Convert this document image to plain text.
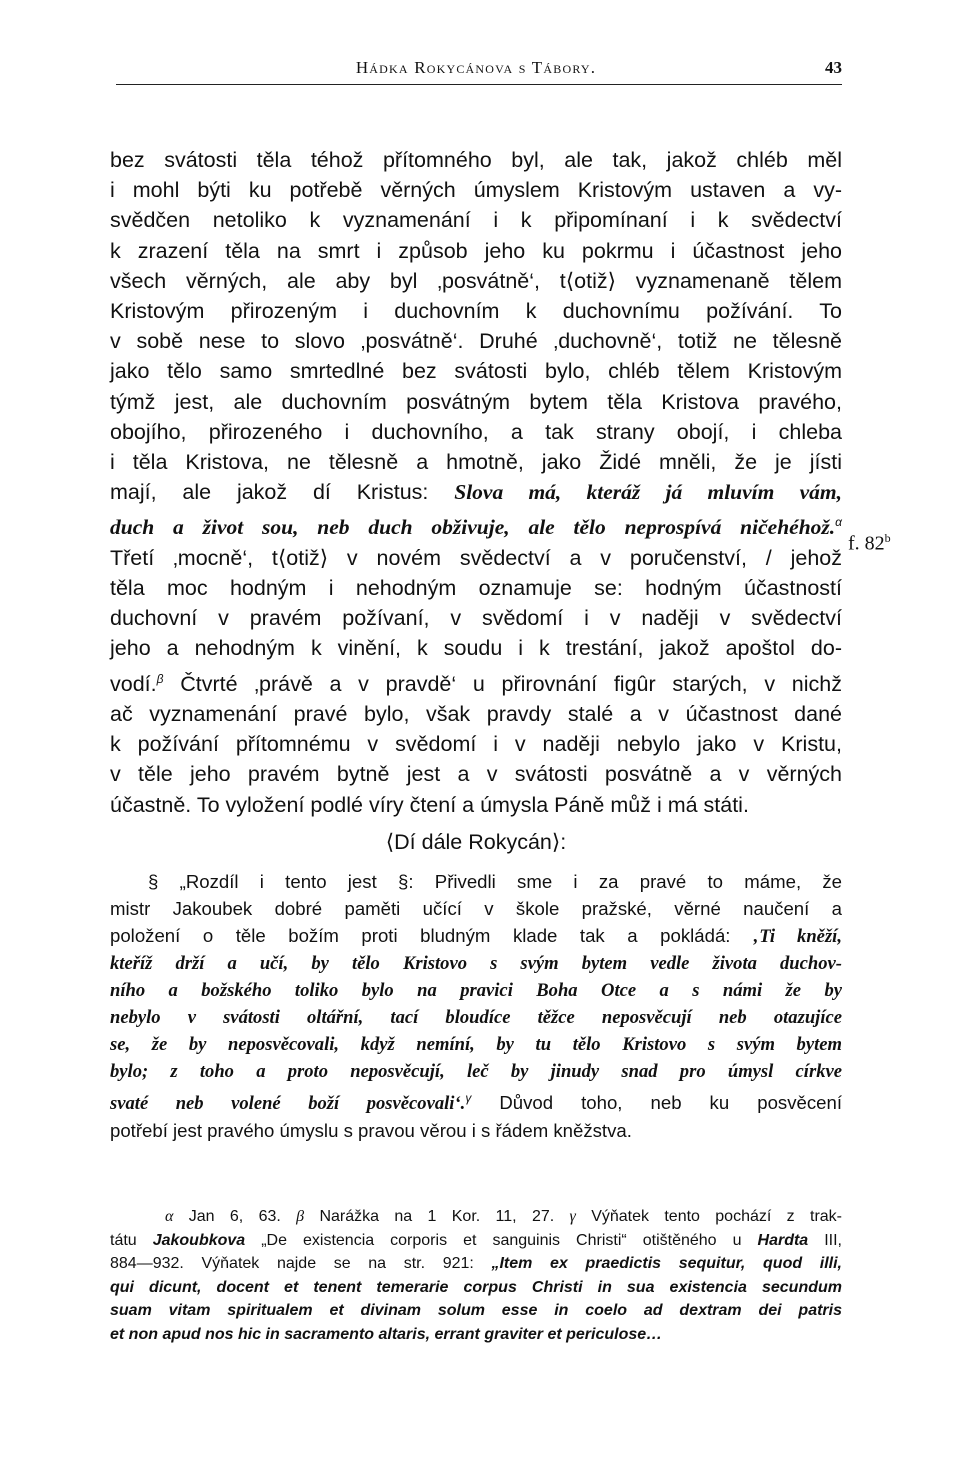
Hádka Rokycánova s Tábory.	43
bez svátosti těla téhož přítomného byl, ale tak, jakož chléb měl
i mohl býti ku potřebě věrných úmyslem Kristovým ustaven a vy-
svědčen netoliko k vyznamenání i k připomínaní i k svědectví
k zrazení těla na smrt i způsob jeho ku pokrmu i účastnost jeho
všech věrných, ale aby byl ‚posvátně‘, t⟨otiž⟩ vyznamenaně tělem
Kristovým přirozeným i duchovním k duchovnímu požívání. To
v sobě nese to slovo ‚posvátně‘. Druhé ‚duchovně‘, totiž ne tělesně
jako tělo samo smrtedlné bez svátosti bylo, chléb tělem Kristovým
týmž jest, ale duchovním posvátným bytem těla Kristova pravého,
obojího, přirozeného i duchovního, a tak strany obojí, i chleba
i těla Kristova, ne tělesně a hmotně, jako Židé mněli, že je jísti
mají, ale jakož dí Kristus: Slova má, kteráž já mluvím vám,
duch a život sou, neb duch obživuje, ale tělo neprospívá ničehéhož.$^\alpha$
Třetí ‚mocně‘, t⟨otiž⟩ v novém svědectví a v poručenství, / jehož
těla moc hodným i nehodným oznamuje se: hodným účastností
duchovní v pravém požívaní, v svědomí i v naději v svědectví
jeho a nehodným k vinění, k soudu i k trestání, jakož apoštol do-
vodí.$^\beta$ Čtvrté ‚právě a v pravdě‘ u přirovnání figûr starých, v nichž
ač vyznamenání pravé bylo, však pravdy stalé a v účastnost dané
k požívání přítomnému v svědomí i v naději nebylo jako v Kristu,
v těle jeho pravém bytně jest a v svátosti posvátně a v věrných
účastně. To vyložení podlé víry čtení a úmysla Páně můž i má státi.
f. 82$^b$
⟨Dí dále Rokycán⟩:
§ „Rozdíl i tento jest §: Přivedli sme i za pravé to máme, že
mistr Jakoubek dobré paměti učící v škole pražské, věrné naučení a
položení o těle božím proti bludným klade tak a pokládá: ‚Ti kněží,
kteříž drží a učí, by tělo Kristovo s svým bytem vedle života duchov-
ního a božského toliko bylo na pravici Boha Otce a s námi že by
nebylo v svátosti oltářní, tací bloudíce těžce neposvěcují neb otazujíce
se, že by neposvěcovali, když nemíní, by tu tělo Kristovo s svým bytem
bylo; z toho a proto neposvěcují, leč by jinudy snad pro úmysl církve
svaté neb volené boží posvěcovali‘.$^\gamma$ Důvod toho, neb ku posvěcení
potřebí jest pravého úmyslu s pravou věrou i s řádem kněžstva.
α Jan 6, 63. β Narážka na 1 Kor. 11, 27. γ Výňatek tento pochází z trak-
tátu Jakoubkova „De existencia corporis et sanguinis Christi“ otištěného u Hardta III,
884—932. Výňatek najde se na str. 921: „Item ex praedictis sequitur, quod illi,
qui dicunt, docent et tenent temerarie corpus Christi in sua existencia secundum
suam vitam spiritualem et divinam solum esse in coelo ad dextram dei patris
et non apud nos hic in sacramento altaris, errant graviter et periculose…
